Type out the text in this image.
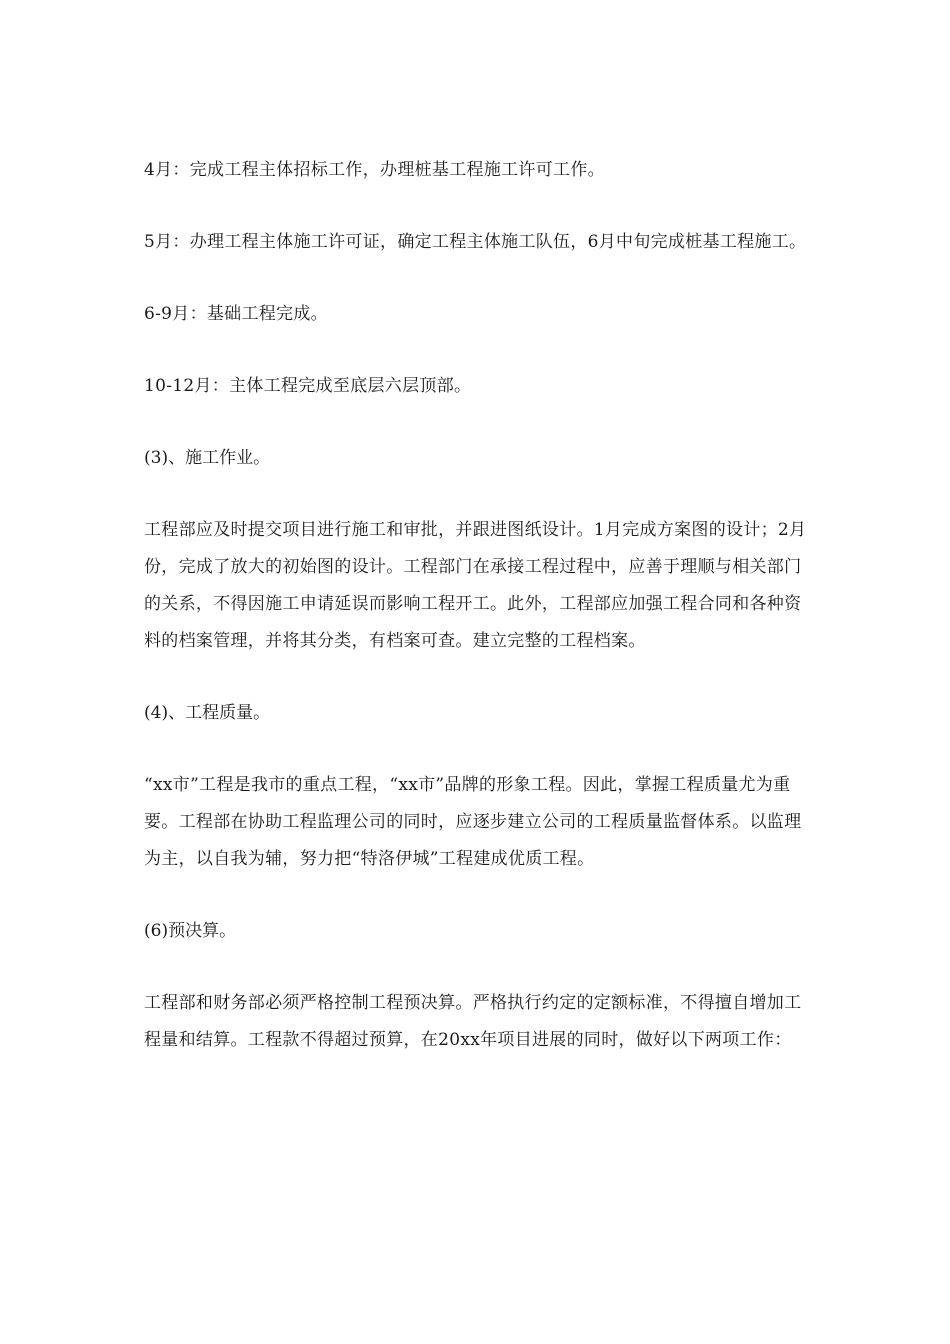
4月：完成工程主体招标工作，办理桩基工程施工许可工作。

5月：办理工程主体施工许可证，确定工程主体施工队伍，6月中旬完成桩基工程施工。

6-9月：基础工程完成。

10-12月：主体工程完成至底层六层顶部。

(3)、施工作业。

工程部应及时提交项目进行施工和审批，并跟进图纸设计。1月完成方案图的设计；2月份，完成了放大的初始图的设计。工程部门在承接工程过程中，应善于理顺与相关部门的关系，不得因施工申请延误而影响工程开工。此外，工程部应加强工程合同和各种资料的档案管理，并将其分类，有档案可查。建立完整的工程档案。

(4)、工程质量。

“xx市”工程是我市的重点工程，“xx市”品牌的形象工程。因此，掌握工程质量尤为重要。工程部在协助工程监理公司的同时，应逐步建立公司的工程质量监督体系。以监理为主，以自我为辅，努力把“特洛伊城”工程建成优质工程。

(6)预决算。

工程部和财务部必须严格控制工程预决算。严格执行约定的定额标准，不得擅自增加工程量和结算。工程款不得超过预算，在20xx年项目进展的同时，做好以下两项工作：
